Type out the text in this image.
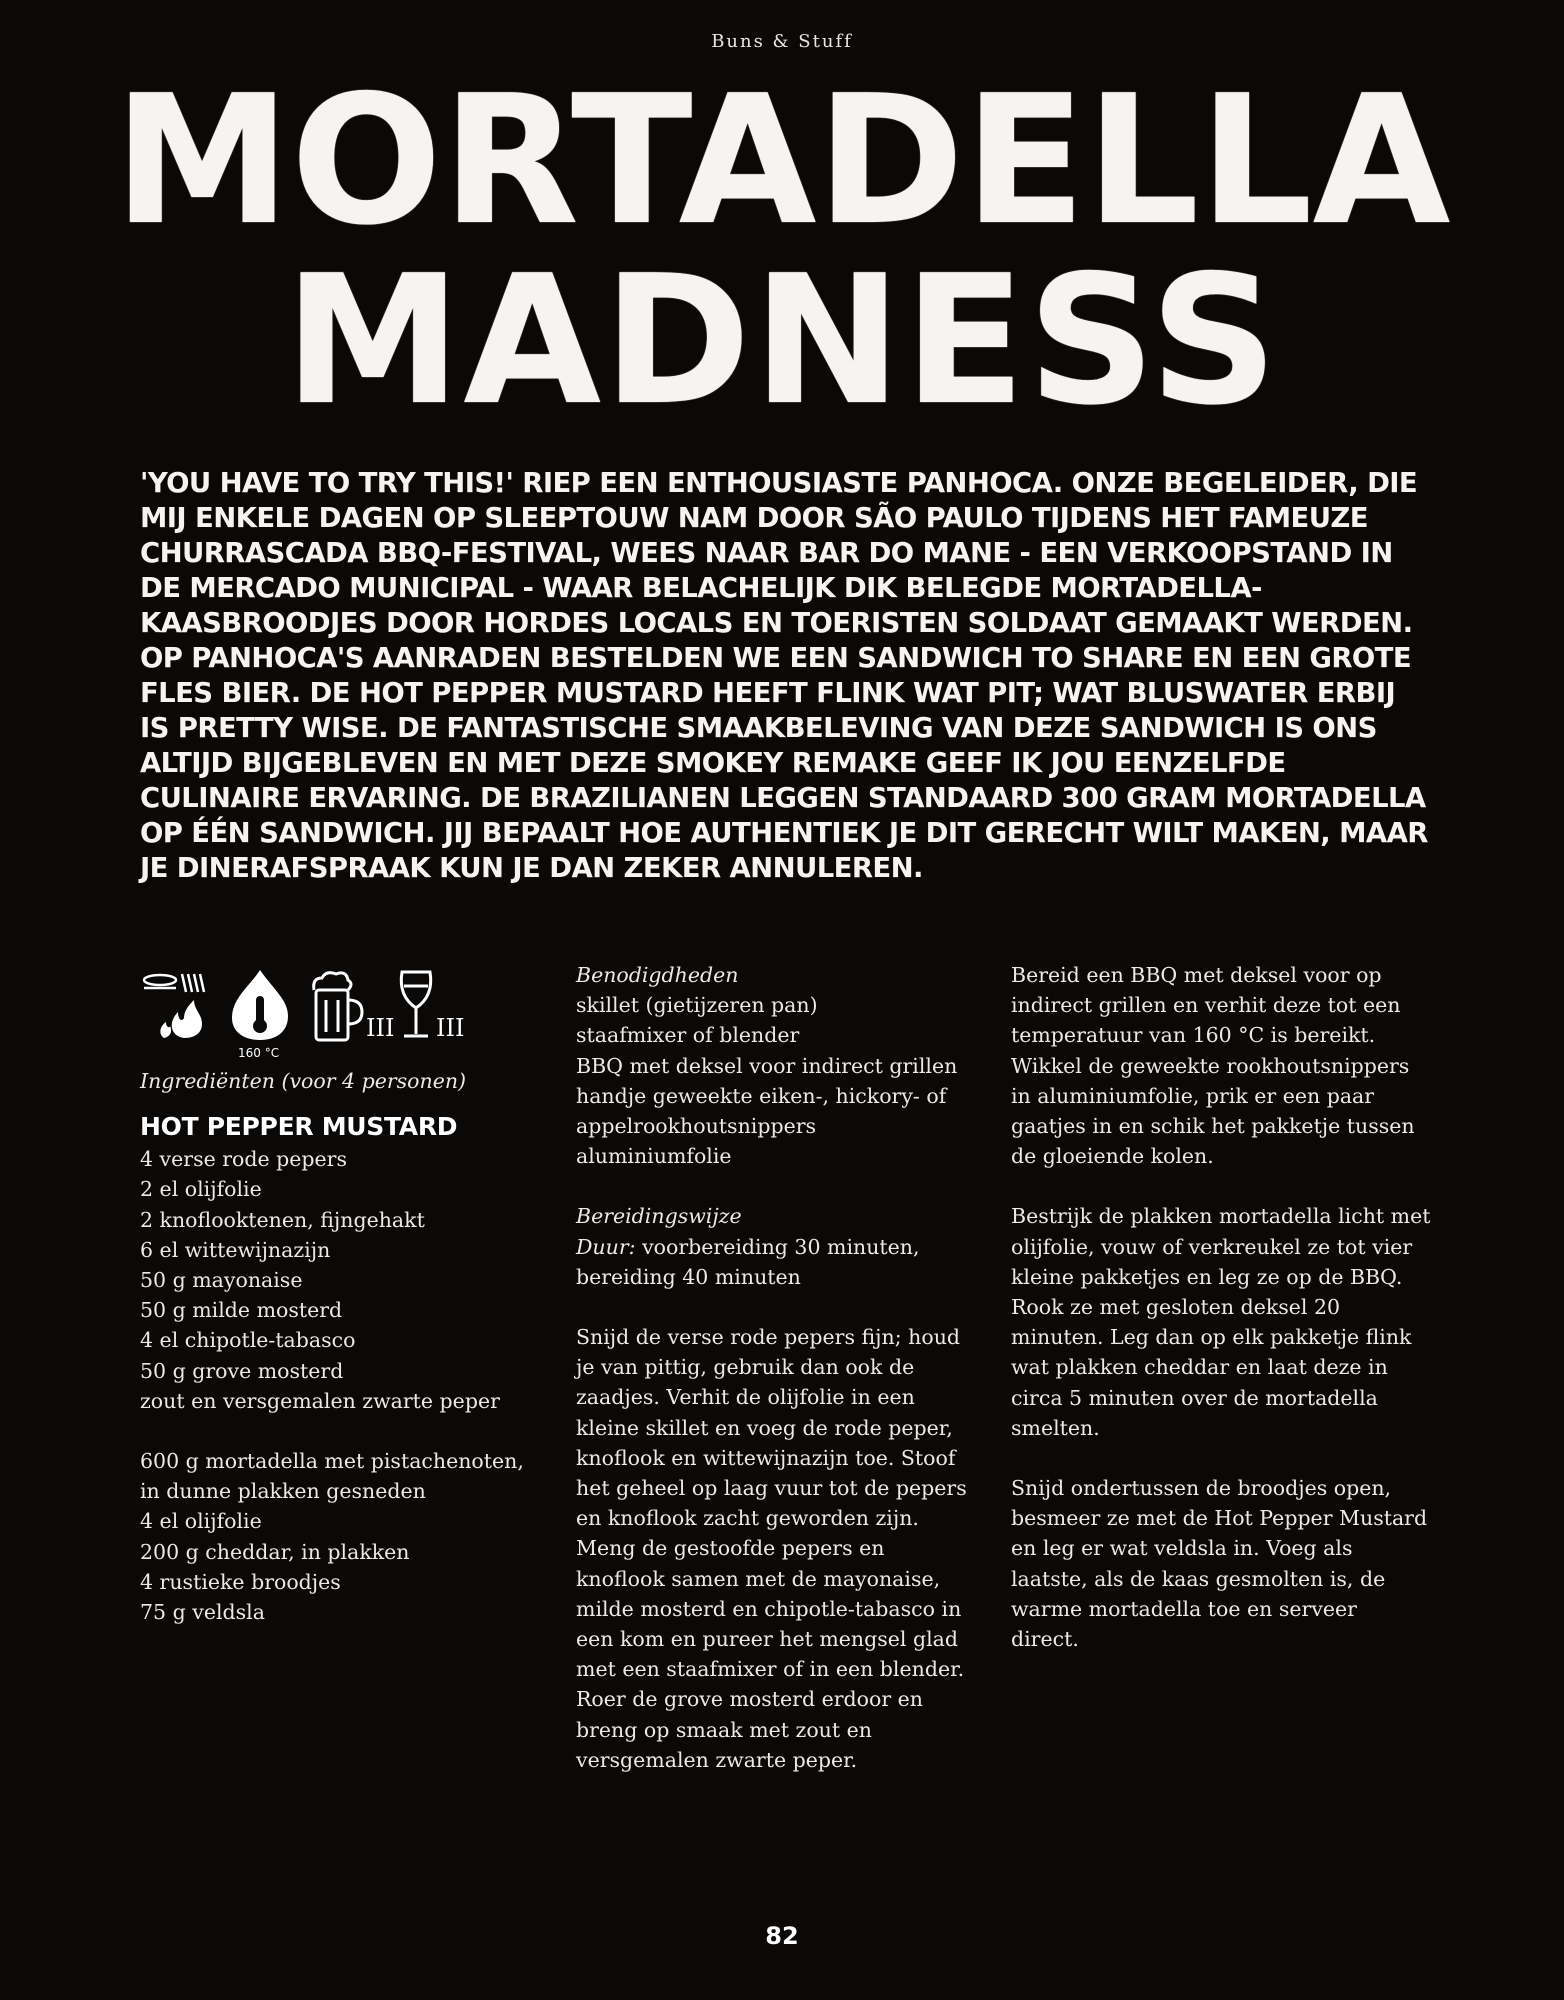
Buns & Stuff
MORTADELLA
MADNESS

'YOU HAVE TO TRY THIS!' RIEP EEN ENTHOUSIASTE PANHOCA. ONZE BEGELEIDER, DIE MIJ ENKELE DAGEN OP SLEEPTOUW NAM DOOR SÃO PAULO TIJDENS HET FAMEUZE CHURRASCADA BBQ-FESTIVAL, WEES NAAR BAR DO MANE - EEN VERKOOPSTAND IN DE MERCADO MUNICIPAL - WAAR BELACHELIJK DIK BELEGDE MORTADELLA-KAASBROODJES DOOR HORDES LOCALS EN TOERISTEN SOLDAAT GEMAAKT WERDEN. OP PANHOCA'S AANRADEN BESTELDEN WE EEN SANDWICH TO SHARE EN EEN GROTE FLES BIER. DE HOT PEPPER MUSTARD HEEFT FLINK WAT PIT; WAT BLUSWATER ERBIJ IS PRETTY WISE. DE FANTASTISCHE SMAAKBELEVING VAN DEZE SANDWICH IS ONS ALTIJD BIJGEBLEVEN EN MET DEZE SMOKEY REMAKE GEEF IK JOU EENZELFDE CULINAIRE ERVARING. DE BRAZILIANEN LEGGEN STANDAARD 300 GRAM MORTADELLA OP ÉÉN SANDWICH. JIJ BEPAALT HOE AUTHENTIEK JE DIT GERECHT WILT MAKEN, MAAR JE DINERAFSPRAAK KUN JE DAN ZEKER ANNULEREN.

III III
160 °C

Ingrediënten (voor 4 personen)

HOT PEPPER MUSTARD

4 verse rode pepers

2 el olijfolie

2 knoflooktenen, fijngehakt

6 el wittewijnazijn

50 g mayonaise

50 g milde mosterd

4 el chipotle-tabasco

50 g grove mosterd

zout en versgemalen zwarte peper

600 g mortadella met pistachenoten, in dunne plakken gesneden

4 el olijfolie

200 g cheddar, in plakken

4 rustieke broodjes

75 g veldsla

Benodigdheden

skillet (gietijzeren pan)

staafmixer of blender

BBQ met deksel voor indirect grillen

handje geweekte eiken-, hickory- of appelrookhoutsnippers

aluminiumfolie

Bereidingswijze

Duur: voorbereiding 30 minuten, bereiding 40 minuten

Snijd de verse rode pepers fijn; houd je van pittig, gebruik dan ook de zaadjes. Verhit de olijfolie in een kleine skillet en voeg de rode peper, knoflook en wittewijnazijn toe. Stoof het geheel op laag vuur tot de pepers en knoflook zacht geworden zijn. Meng de gestoofde pepers en knoflook samen met de mayonaise, milde mosterd en chipotle-tabasco in een kom en pureer het mengsel glad met een staafmixer of in een blender. Roer de grove mosterd erdoor en breng op smaak met zout en versgemalen zwarte peper.

Bereid een BBQ met deksel voor op indirect grillen en verhit deze tot een temperatuur van 160 °C is bereikt. Wikkel de geweekte rookhoutsnippers in aluminiumfolie, prik er een paar gaatjes in en schik het pakketje tussen de gloeiende kolen.

Bestrijk de plakken mortadella licht met olijfolie, vouw of verkreukel ze tot vier kleine pakketjes en leg ze op de BBQ. Rook ze met gesloten deksel 20 minuten. Leg dan op elk pakketje flink wat plakken cheddar en laat deze in circa 5 minuten over de mortadella smelten.

Snijd ondertussen de broodjes open, besmeer ze met de Hot Pepper Mustard en leg er wat veldsla in. Voeg als laatste, als de kaas gesmolten is, de warme mortadella toe en serveer direct.

82
